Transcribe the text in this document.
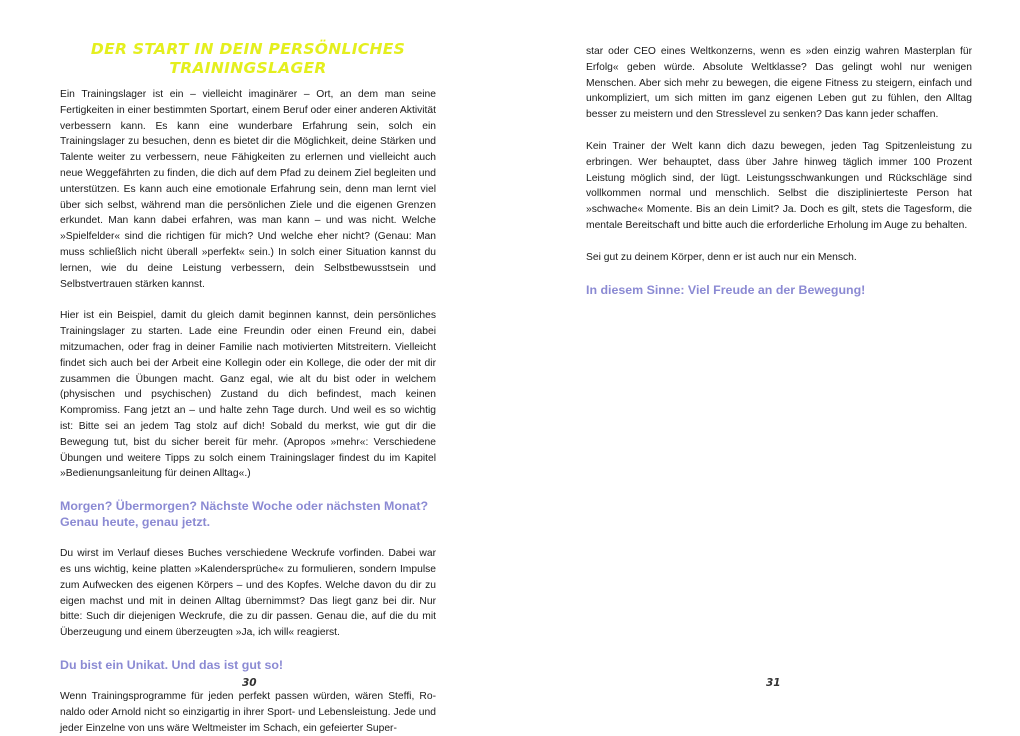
DER START IN DEIN PERSÖNLICHES
TRAININGSLAGER

Ein Trainingslager ist ein – vielleicht imaginärer – Ort, an dem man seine Fertigkeiten in einer bestimmten Sportart, einem Beruf oder einer anderen Aktivität verbessern kann. Es kann eine wunderbare Erfahrung sein, solch ein Trainingslager zu besuchen, denn es bietet dir die Möglichkeit, deine Stärken und Talente weiter zu verbessern, neue Fähigkeiten zu erlernen und vielleicht auch neue Weggefährten zu finden, die dich auf dem Pfad zu deinem Ziel begleiten und unterstützen. Es kann auch eine emotionale Erfahrung sein, denn man lernt viel über sich selbst, während man die persönlichen Ziele und die eigenen Grenzen erkundet. Man kann dabei erfahren, was man kann – und was nicht. Welche »Spielfelder« sind die richtigen für mich? Und welche eher nicht? (Genau: Man muss schließlich nicht überall »perfekt« sein.) In solch einer Situation kannst du lernen, wie du deine Leistung verbessern, dein Selbstbewusstsein und Selbstvertrauen stärken kannst.

Hier ist ein Beispiel, damit du gleich damit beginnen kannst, dein persönliches Trainingslager zu starten. Lade eine Freundin oder einen Freund ein, dabei mitzumachen, oder frag in deiner Familie nach motivierten Mitstreitern. Vielleicht findet sich auch bei der Arbeit eine Kollegin oder ein Kollege, die oder der mit dir zusammen die Übungen macht. Ganz egal, wie alt du bist oder in welchem (physischen und psychischen) Zustand du dich befindest, mach keinen Kompromiss. Fang jetzt an – und halte zehn Tage durch. Und weil es so wichtig ist: Bitte sei an jedem Tag stolz auf dich! Sobald du merkst, wie gut dir die Bewegung tut, bist du sicher bereit für mehr. (Apropos »mehr«: Verschiedene Übungen und weitere Tipps zu solch einem Trainingslager findest du im Kapitel »Bedienungsanleitung für deinen Alltag«.)

Morgen? Übermorgen? Nächste Woche oder nächsten Monat? Genau heute, genau jetzt.

Du wirst im Verlauf dieses Buches verschiedene Weckrufe vorfinden. Dabei war es uns wichtig, keine platten »Kalendersprüche« zu formulieren, sondern Impulse zum Aufwecken des eigenen Körpers – und des Kopfes. Welche davon du dir zu eigen machst und mit in deinen Alltag übernimmst? Das liegt ganz bei dir. Nur bitte: Such dir diejenigen Weckrufe, die zu dir passen. Genau die, auf die du mit Überzeugung und einem überzeugten »Ja, ich will« reagierst.

Du bist ein Unikat. Und das ist gut so!

Wenn Trainingsprogramme für jeden perfekt passen würden, wären Steffi, Ronaldo oder Arnold nicht so einzigartig in ihrer Sport- und Lebensleistung. Jede und jeder Einzelne von uns wäre Weltmeister im Schach, ein gefeierter Super-

30

star oder CEO eines Weltkonzerns, wenn es »den einzig wahren Masterplan für Erfolg« geben würde. Absolute Weltklasse? Das gelingt wohl nur wenigen Menschen. Aber sich mehr zu bewegen, die eigene Fitness zu steigern, einfach und unkompliziert, um sich mitten im ganz eigenen Leben gut zu fühlen, den Alltag besser zu meistern und den Stresslevel zu senken? Das kann jeder schaffen.

Kein Trainer der Welt kann dich dazu bewegen, jeden Tag Spitzenleistung zu erbringen. Wer behauptet, dass über Jahre hinweg täglich immer 100 Prozent Leistung möglich sind, der lügt. Leistungsschwankungen und Rückschläge sind vollkommen normal und menschlich. Selbst die disziplinierteste Person hat »schwache« Momente. Bis an dein Limit? Ja. Doch es gilt, stets die Tagesform, die mentale Bereitschaft und bitte auch die erforderliche Erholung im Auge zu behalten.

Sei gut zu deinem Körper, denn er ist auch nur ein Mensch.

In diesem Sinne: Viel Freude an der Bewegung!
31
